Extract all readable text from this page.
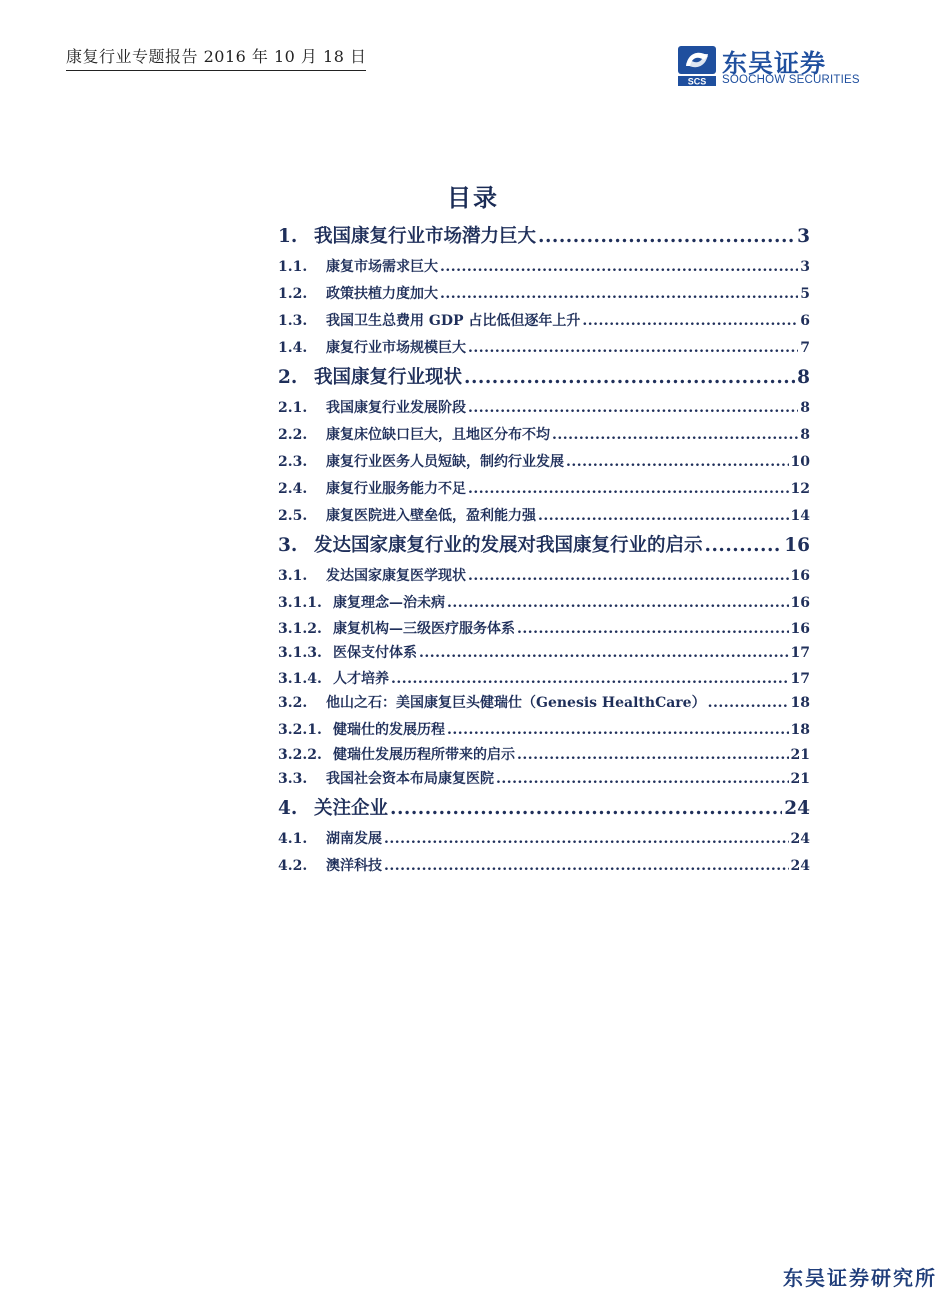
康复行业专题报告 2016 年 10 月 18 日
SCS
东吴证券
SOOCHOW SECURITIES
目录
1. 我国康复行业市场潜力巨大 .....	3
1.1.	康复市场需求巨大 .....	3
1.2.	政策扶植力度加大 .....	5
1.3.	我国卫生总费用 GDP 占比低但逐年上升 .....	6
1.4.	康复行业市场规模巨大 .....	7
2. 我国康复行业现状 .....	8
2.1.	我国康复行业发展阶段 .....	8
2.2.	康复床位缺口巨大，且地区分布不均 .....	8
2.3.	康复行业医务人员短缺，制约行业发展 .....	10
2.4.	康复行业服务能力不足 .....	12
2.5.	康复医院进入壁垒低，盈利能力强 .....	14
3. 发达国家康复行业的发展对我国康复行业的启示 .....	16
3.1.	发达国家康复医学现状 .....	16
3.1.1. 康复理念—治未病 .....	16
3.1.2. 康复机构—三级医疗服务体系 .....	16
3.1.3. 医保支付体系 .....	17
3.1.4. 人才培养 .....	17
3.2.	他山之石：美国康复巨头健瑞仕（Genesis HealthCare） .....	18
3.2.1. 健瑞仕的发展历程 .....	18
3.2.2. 健瑞仕发展历程所带来的启示 .....	21
3.3.	我国社会资本布局康复医院 .....	21
4. 关注企业 .....	24
4.1.	湖南发展 .....	24
4.2.	澳洋科技 .....	24
东吴证券研究所
